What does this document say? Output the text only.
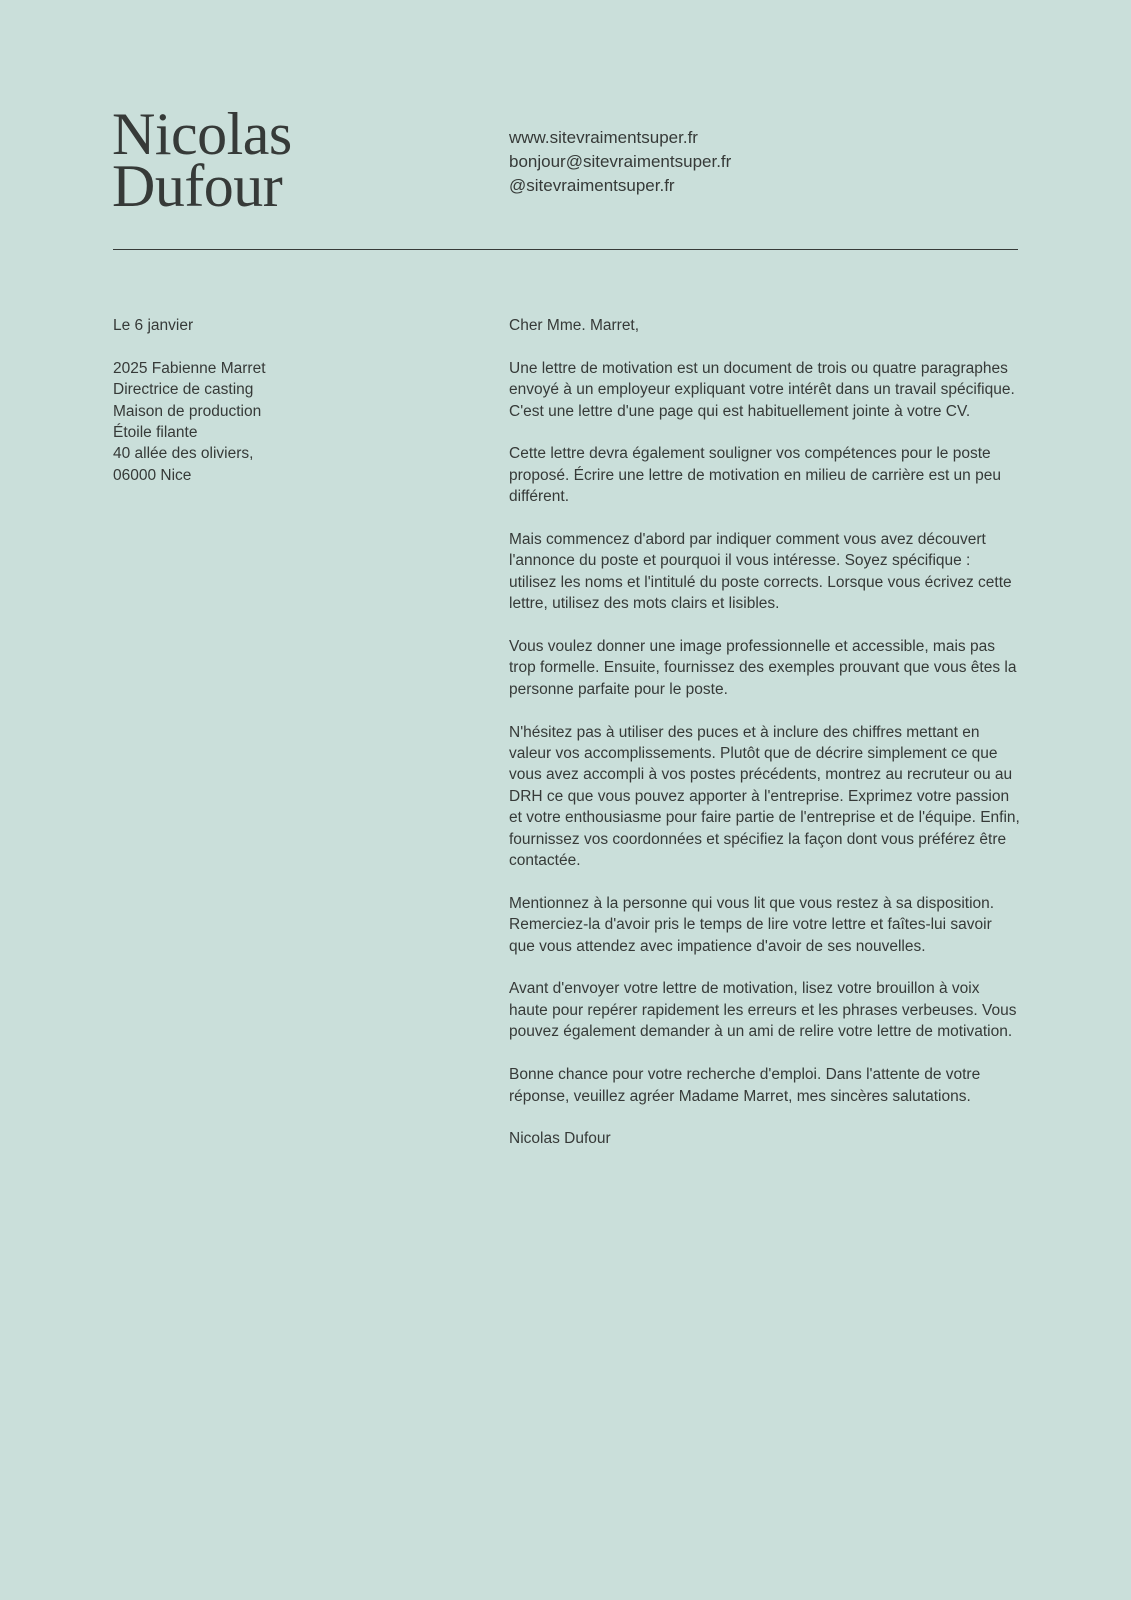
Nicolas
Dufour
www.sitevraimentsuper.fr
bonjour@sitevraimentsuper.fr
@sitevraimentsuper.fr
Le 6 janvier
2025 Fabienne Marret
Directrice de casting
Maison de production
Étoile filante
40 allée des oliviers,
06000 Nice

Cher Mme. Marret,

Une lettre de motivation est un document de trois ou quatre paragraphes envoyé à un employeur expliquant votre intérêt dans un travail spécifique. C'est une lettre d'une page qui est habituellement jointe à votre CV.

Cette lettre devra également souligner vos compétences pour le poste proposé. Écrire une lettre de motivation en milieu de carrière est un peu différent.

Mais commencez d'abord par indiquer comment vous avez découvert l'annonce du poste et pourquoi il vous intéresse. Soyez spécifique : utilisez les noms et l'intitulé du poste corrects. Lorsque vous écrivez cette lettre, utilisez des mots clairs et lisibles.

Vous voulez donner une image professionnelle et accessible, mais pas trop formelle. Ensuite, fournissez des exemples prouvant que vous êtes la personne parfaite pour le poste.

N'hésitez pas à utiliser des puces et à inclure des chiffres mettant en valeur vos accomplissements. Plutôt que de décrire simplement ce que vous avez accompli à vos postes précédents, montrez au recruteur ou au DRH ce que vous pouvez apporter à l'entreprise. Exprimez votre passion et votre enthousiasme pour faire partie de l'entreprise et de l'équipe. Enfin, fournissez vos coordonnées et spécifiez la façon dont vous préférez être contactée.

Mentionnez à la personne qui vous lit que vous restez à sa disposition. Remerciez-la d'avoir pris le temps de lire votre lettre et faîtes-lui savoir que vous attendez avec impatience d'avoir de ses nouvelles.

Avant d'envoyer votre lettre de motivation, lisez votre brouillon à voix haute pour repérer rapidement les erreurs et les phrases verbeuses. Vous pouvez également demander à un ami de relire votre lettre de motivation.

Bonne chance pour votre recherche d'emploi. Dans l'attente de votre réponse, veuillez agréer Madame Marret, mes sincères salutations.

Nicolas Dufour
